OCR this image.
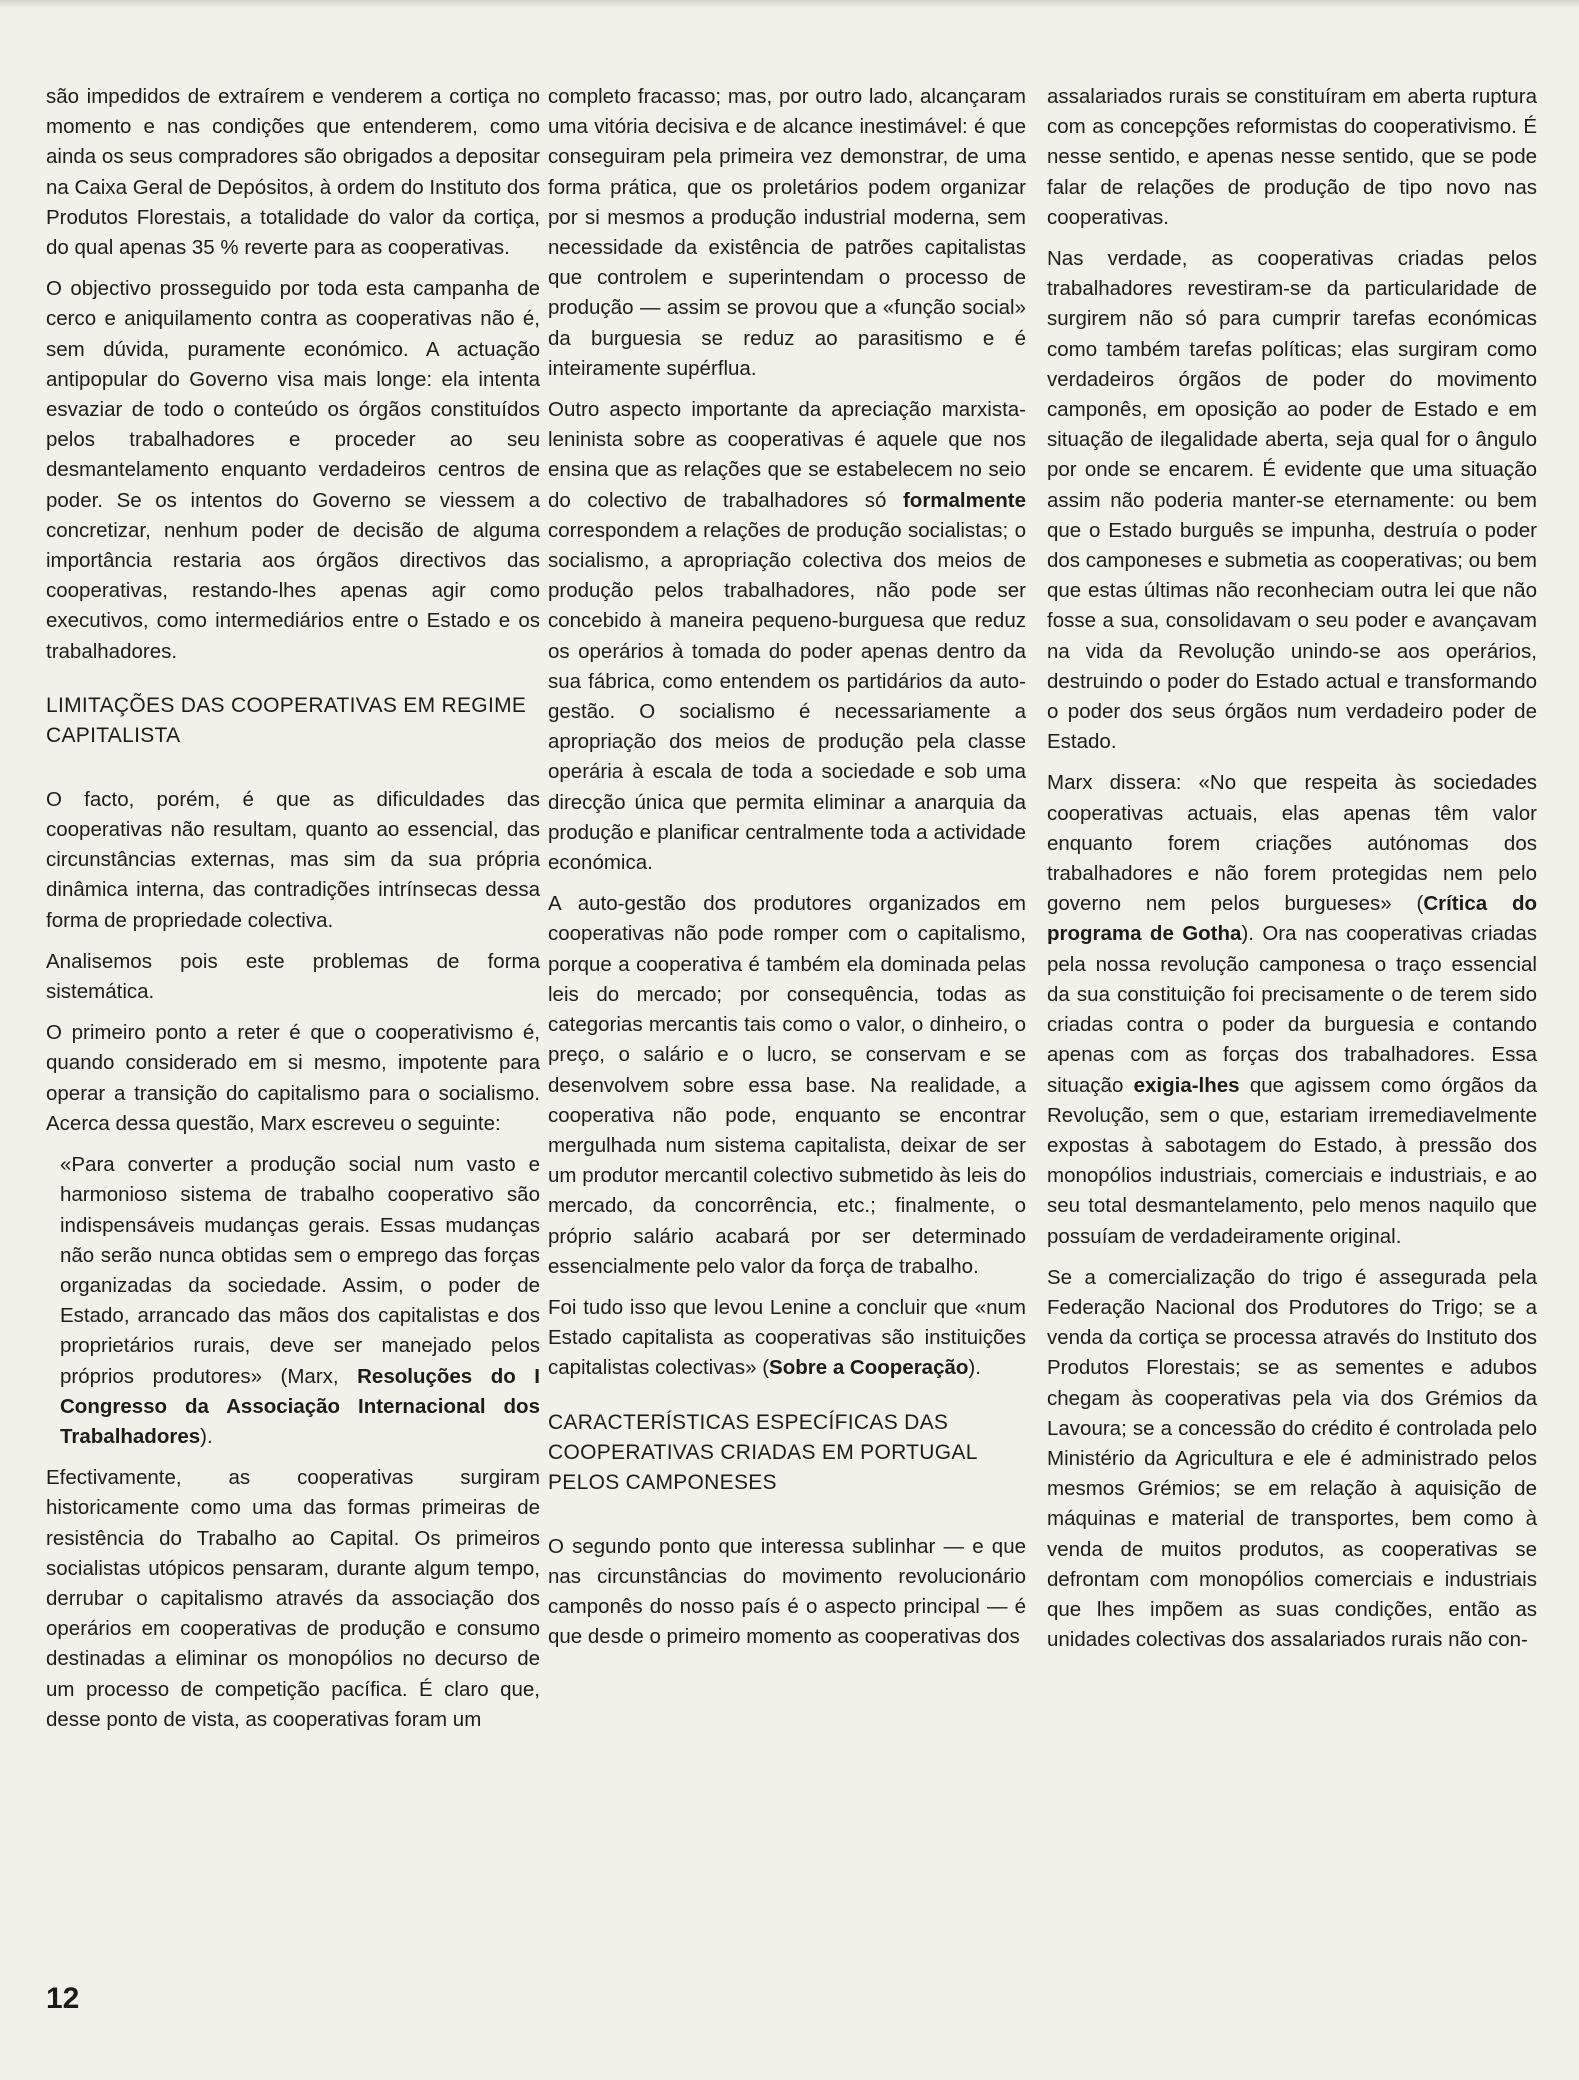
são impedidos de extraírem e venderem a cortiça no momento e nas condições que entenderem, como ainda os seus compradores são obrigados a depositar na Caixa Geral de Depósitos, à ordem do Instituto dos Produtos Florestais, a totalidade do valor da cortiça, do qual apenas 35 % reverte para as cooperativas.

O objectivo prosseguido por toda esta campanha de cerco e aniquilamento contra as cooperativas não é, sem dúvida, puramente económico. A actuação antipopular do Governo visa mais longe: ela intenta esvaziar de todo o conteúdo os órgãos constituídos pelos trabalhadores e proceder ao seu desmantelamento enquanto verdadeiros centros de poder. Se os intentos do Governo se viessem a concretizar, nenhum poder de decisão de alguma importância restaria aos órgãos directivos das cooperativas, restando-lhes apenas agir como executivos, como intermediários entre o Estado e os trabalhadores.

LIMITAÇÕES DAS COOPERATIVAS EM REGIME CAPITALISTA

O facto, porém, é que as dificuldades das cooperativas não resultam, quanto ao essencial, das circunstâncias externas, mas sim da sua própria dinâmica interna, das contradições intrínsecas dessa forma de propriedade colectiva.

Analisemos pois este problemas de forma sistemática.

O primeiro ponto a reter é que o cooperativismo é, quando considerado em si mesmo, impotente para operar a transição do capitalismo para o socialismo. Acerca dessa questão, Marx escreveu o seguinte:

«Para converter a produção social num vasto e harmonioso sistema de trabalho cooperativo são indispensáveis mudanças gerais. Essas mudanças não serão nunca obtidas sem o emprego das forças organizadas da sociedade. Assim, o poder de Estado, arrancado das mãos dos capitalistas e dos proprietários rurais, deve ser manejado pelos próprios produtores» (Marx, Resoluções do I Congresso da Associação Internacional dos Trabalhadores).

Efectivamente, as cooperativas surgiram historicamente como uma das formas primeiras de resistência do Trabalho ao Capital. Os primeiros socialistas utópicos pensaram, durante algum tempo, derrubar o capitalismo através da associação dos operários em cooperativas de produção e consumo destinadas a eliminar os monopólios no decurso de um processo de competição pacífica. É claro que, desse ponto de vista, as cooperativas foram um

completo fracasso; mas, por outro lado, alcançaram uma vitória decisiva e de alcance inestimável: é que conseguiram pela primeira vez demonstrar, de uma forma prática, que os proletários podem organizar por si mesmos a produção industrial moderna, sem necessidade da existência de patrões capitalistas que controlem e superintendam o processo de produção — assim se provou que a «função social» da burguesia se reduz ao parasitismo e é inteiramente supérflua.

Outro aspecto importante da apreciação marxista-leninista sobre as cooperativas é aquele que nos ensina que as relações que se estabelecem no seio do colectivo de trabalhadores só formalmente correspondem a relações de produção socialistas; o socialismo, a apropriação colectiva dos meios de produção pelos trabalhadores, não pode ser concebido à maneira pequeno-burguesa que reduz os operários à tomada do poder apenas dentro da sua fábrica, como entendem os partidários da auto-gestão. O socialismo é necessariamente a apropriação dos meios de produção pela classe operária à escala de toda a sociedade e sob uma direcção única que permita eliminar a anarquia da produção e planificar centralmente toda a actividade económica.

A auto-gestão dos produtores organizados em cooperativas não pode romper com o capitalismo, porque a cooperativa é também ela dominada pelas leis do mercado; por consequência, todas as categorias mercantis tais como o valor, o dinheiro, o preço, o salário e o lucro, se conservam e se desenvolvem sobre essa base. Na realidade, a cooperativa não pode, enquanto se encontrar mergulhada num sistema capitalista, deixar de ser um produtor mercantil colectivo submetido às leis do mercado, da concorrência, etc.; finalmente, o próprio salário acabará por ser determinado essencialmente pelo valor da força de trabalho.

Foi tudo isso que levou Lenine a concluir que «num Estado capitalista as cooperativas são instituições capitalistas colectivas» (Sobre a Cooperação).

CARACTERÍSTICAS ESPECÍFICAS DAS COOPERATIVAS CRIADAS EM PORTUGAL PELOS CAMPONESES

O segundo ponto que interessa sublinhar — e que nas circunstâncias do movimento revolucionário camponês do nosso país é o aspecto principal — é que desde o primeiro momento as cooperativas dos

assalariados rurais se constituíram em aberta ruptura com as concepções reformistas do cooperativismo. É nesse sentido, e apenas nesse sentido, que se pode falar de relações de produção de tipo novo nas cooperativas.

Nas verdade, as cooperativas criadas pelos trabalhadores revestiram-se da particularidade de surgirem não só para cumprir tarefas económicas como também tarefas políticas; elas surgiram como verdadeiros órgãos de poder do movimento camponês, em oposição ao poder de Estado e em situação de ilegalidade aberta, seja qual for o ângulo por onde se encarem. É evidente que uma situação assim não poderia manter-se eternamente: ou bem que o Estado burguês se impunha, destruía o poder dos camponeses e submetia as cooperativas; ou bem que estas últimas não reconheciam outra lei que não fosse a sua, consolidavam o seu poder e avançavam na vida da Revolução unindo-se aos operários, destruindo o poder do Estado actual e transformando o poder dos seus órgãos num verdadeiro poder de Estado.

Marx dissera: «No que respeita às sociedades cooperativas actuais, elas apenas têm valor enquanto forem criações autónomas dos trabalhadores e não forem protegidas nem pelo governo nem pelos burgueses» (Crítica do programa de Gotha). Ora nas cooperativas criadas pela nossa revolução camponesa o traço essencial da sua constituição foi precisamente o de terem sido criadas contra o poder da burguesia e contando apenas com as forças dos trabalhadores. Essa situação exigia-lhes que agissem como órgãos da Revolução, sem o que, estariam irremediavelmente expostas à sabotagem do Estado, à pressão dos monopólios industriais, comerciais e industriais, e ao seu total desmantelamento, pelo menos naquilo que possuíam de verdadeiramente original.

Se a comercialização do trigo é assegurada pela Federação Nacional dos Produtores do Trigo; se a venda da cortiça se processa através do Instituto dos Produtos Florestais; se as sementes e adubos chegam às cooperativas pela via dos Grémios da Lavoura; se a concessão do crédito é controlada pelo Ministério da Agricultura e ele é administrado pelos mesmos Grémios; se em relação à aquisição de máquinas e material de transportes, bem como à venda de muitos produtos, as cooperativas se defrontam com monopólios comerciais e industriais que lhes impõem as suas condições, então as unidades colectivas dos assalariados rurais não con-

12
